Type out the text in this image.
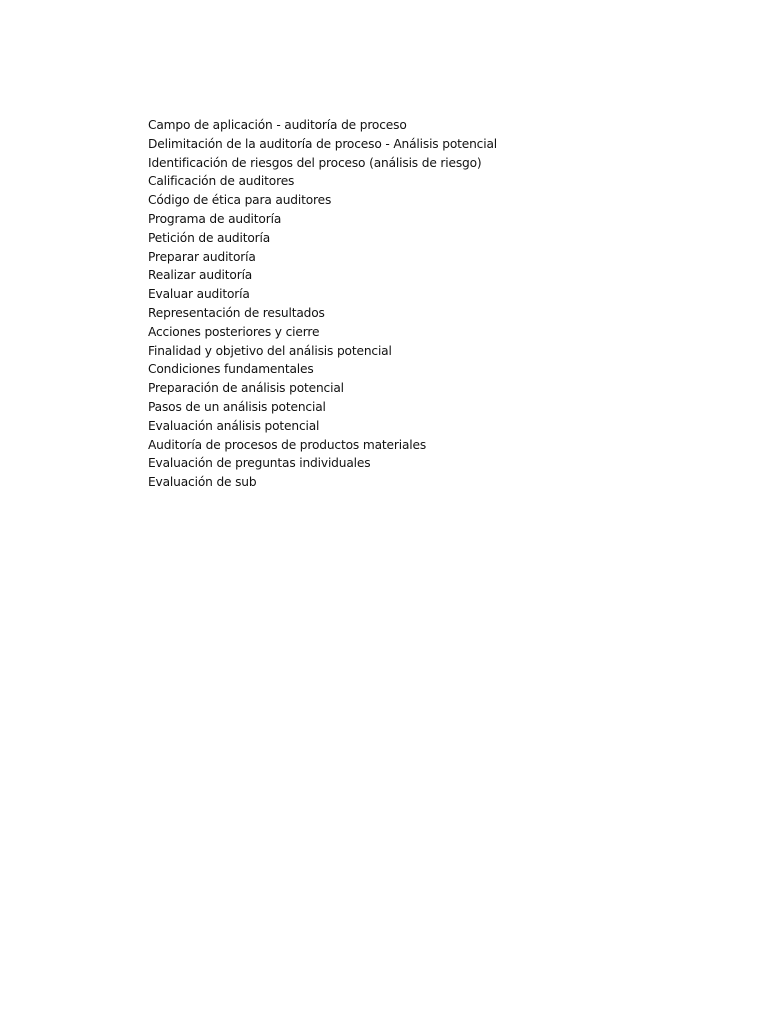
Campo de aplicación - auditoría de proceso
Delimitación de la auditoría de proceso - Análisis potencial
Identificación de riesgos del proceso (análisis de riesgo)
Calificación de auditores
Código de ética para auditores
Programa de auditoría
Petición de auditoría
Preparar auditoría
Realizar auditoría
Evaluar auditoría
Representación de resultados
Acciones posteriores y cierre
Finalidad y objetivo del análisis potencial
Condiciones fundamentales
Preparación de análisis potencial
Pasos de un análisis potencial
Evaluación análisis potencial
Auditoría de procesos de productos materiales
Evaluación de preguntas individuales
Evaluación de sub
